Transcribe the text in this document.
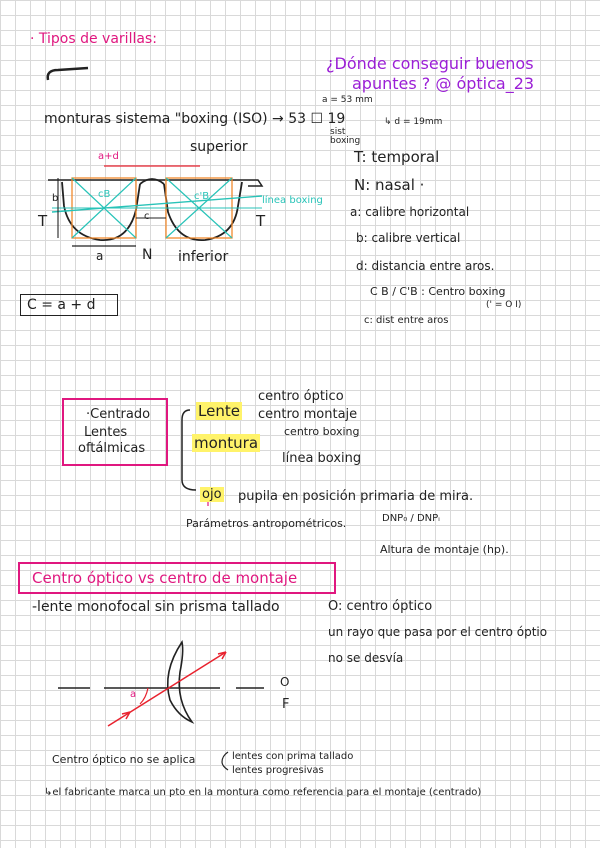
· Tipos de varillas:
¿Dónde conseguir buenos
apuntes ? @ óptica_23
monturas sistema "boxing (ISO) → 53 ☐ 19
a = 53 mm
↳ d = 19mm
sist boxing
superior
inferior
N
T	T
a
b
c
a+d
cB	c'B	línea boxing
C = a + d
T: temporal
N: nasal ·
a: calibre horizontal
b: calibre vertical
d: distancia entre aros.
C B / C'B : Centro boxing
(' = O I)
c: dist entre aros
·Centrado
Lentes
oftálmicas
Lente
centro óptico
centro montaje
montura
centro boxing
línea boxing
ojo pupila en posición primaria de mira.
Parámetros antropométricos.	DNP₀ / DNPᵢ
Altura de montaje (hp).
Centro óptico vs centro de montaje
-lente monofocal sin prisma tallado	O: centro óptico
un rayo que pasa por el centro óptio
no se desvía
O
F
a
Centro óptico no se aplica	lentes con prima tallado
lentes progresivas
↳el fabricante marca un pto en la montura como referencia para el montaje (centrado)
